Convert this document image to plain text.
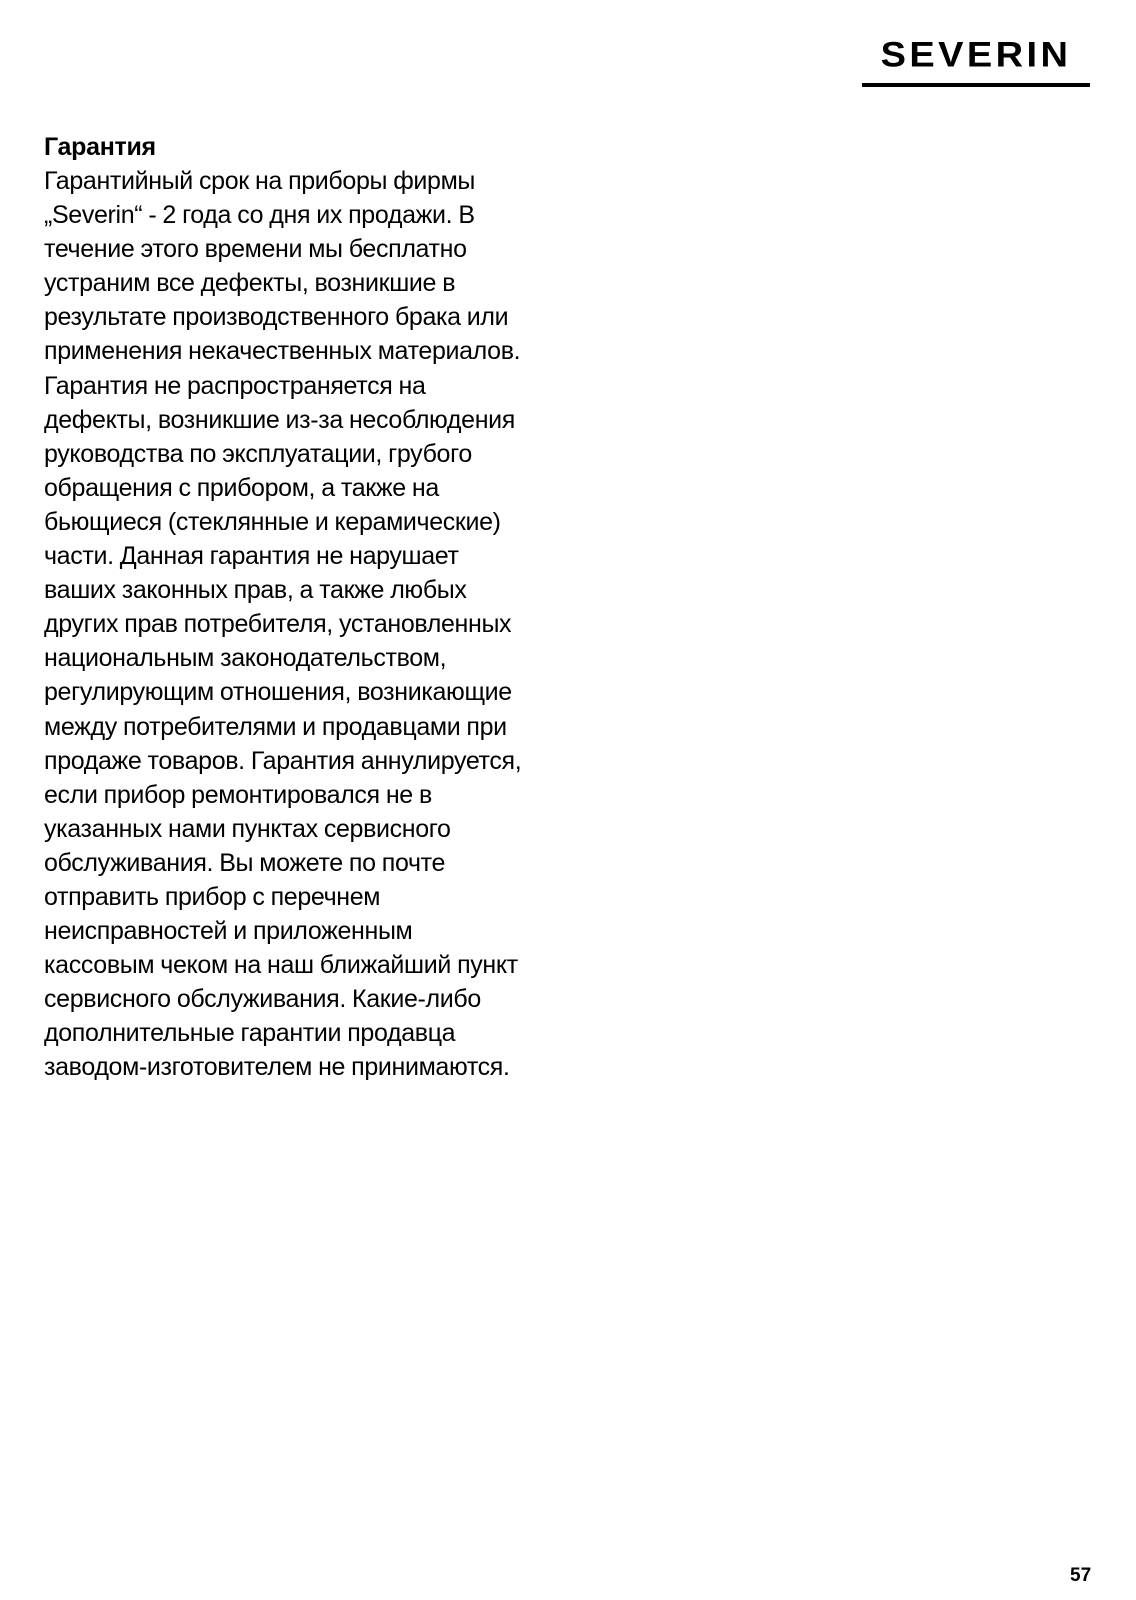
SEVERIN
Гарантия
Гарантийный срок на приборы фирмы
„Severin“ - 2 года со дня их продажи. В
течение этого времени мы бесплатно
устраним все дефекты, возникшие в
результате производственного брака или
применения некачественных материалов.
Гарантия не распространяется на
дефекты, возникшие из-за несоблюдения
руководства по эксплуатации, грубого
обращения с прибором, а также на
бьющиеся (стеклянные и керамические)
части. Данная гарантия не нарушает
ваших законных прав, а также любых
других прав потребителя, установленных
национальным законодательством,
регулирующим отношения, возникающие
между потребителями и продавцами при
продаже товаров. Гарантия аннулируется,
если прибор ремонтировался не в
указанных нами пунктах сервисного
обслуживания. Вы можете по почте
отправить прибор с перечнем
неисправностей и приложенным
кассовым чеком на наш ближайший пункт
сервисного обслуживания. Какие-либо
дополнительные гарантии продавца
заводом-изготовителем не принимаются.
57
